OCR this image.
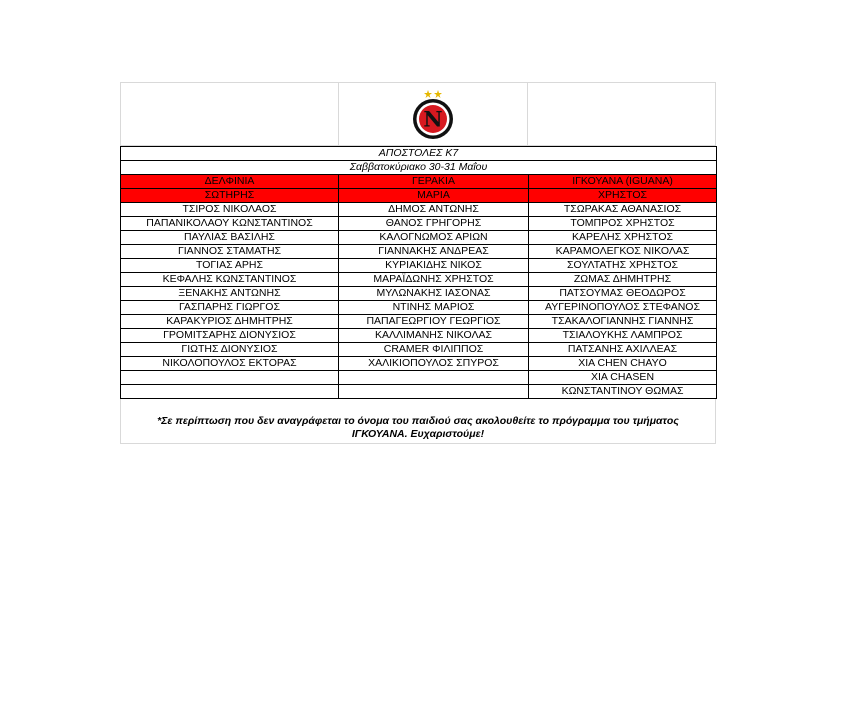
N
ΑΠΟΣΤΟΛΕΣ Κ7		
Σαββατοκύριακο 30-31 Μαΐου		
ΔΕΛΦΙΝΙΑ	ΓΕΡΑΚΙΑ	ΙΓΚΟΥΑΝΑ (IGUANA)
ΣΩΤΗΡΗΣ	ΜΑΡΙΑ	ΧΡΗΣΤΟΣ
ΤΣΙΡΟΣ ΝΙΚΟΛΑΟΣ	ΔΗΜΟΣ ΑΝΤΩΝΗΣ	ΤΣΩΡΑΚΑΣ ΑΘΑΝΑΣΙΟΣ
ΠΑΠΑΝΙΚΟΛΑΟΥ ΚΩΝΣΤΑΝΤΙΝΟΣ	ΘΑΝΟΣ ΓΡΗΓΟΡΗΣ	ΤΟΜΠΡΟΣ ΧΡΗΣΤΟΣ
ΠΑΥΛΙΑΣ ΒΑΣΙΛΗΣ	ΚΑΛΟΓΝΩΜΟΣ ΑΡΙΩΝ	ΚΑΡΕΛΗΣ ΧΡΗΣΤΟΣ
ΓΙΑΝΝΟΣ ΣΤΑΜΑΤΗΣ	ΓΙΑΝΝΑΚΗΣ ΑΝΔΡΕΑΣ	ΚΑΡΑΜΟΛΕΓΚΟΣ ΝΙΚΟΛΑΣ
ΤΟΓΙΑΣ ΑΡΗΣ	ΚΥΡΙΑΚΙΔΗΣ ΝΙΚΟΣ	ΣΟΥΛΤΑΤΗΣ ΧΡΗΣΤΟΣ
ΚΕΦΑΛΗΣ ΚΩΝΣΤΑΝΤΙΝΟΣ	ΜΑΡΑΪΔΩΝΗΣ ΧΡΗΣΤΟΣ	ΖΩΜΑΣ ΔΗΜΗΤΡΗΣ
ΞΕΝΑΚΗΣ ΑΝΤΩΝΗΣ	ΜΥΛΩΝΑΚΗΣ ΙΑΣΟΝΑΣ	ΠΑΤΣΟΥΜΑΣ ΘΕΟΔΩΡΟΣ
ΓΑΣΠΑΡΗΣ ΓΙΩΡΓΟΣ	ΝΤΙΝΗΣ ΜΑΡΙΟΣ	ΑΥΓΕΡΙΝΟΠΟΥΛΟΣ ΣΤΕΦΑΝΟΣ
ΚΑΡΑΚΥΡΙΟΣ ΔΗΜΗΤΡΗΣ	ΠΑΠΑΓΕΩΡΓΙΟΥ ΓΕΩΡΓΙΟΣ	ΤΣΑΚΑΛΟΓΙΑΝΝΗΣ ΓΙΑΝΝΗΣ
ΓΡΟΜΙΤΣΑΡΗΣ ΔΙΟΝΥΣΙΟΣ	ΚΑΛΛΙΜΑΝΗΣ ΝΙΚΟΛΑΣ	ΤΣΙΑΛΟΥΚΗΣ ΛΑΜΠΡΟΣ
ΓΙΩΤΗΣ ΔΙΟΝΥΣΙΟΣ	CRAMER ΦΙΛΙΠΠΟΣ	ΠΑΤΣΑΝΗΣ ΑΧΙΛΛΕΑΣ
ΝΙΚΟΛΟΠΟΥΛΟΣ ΕΚΤΟΡΑΣ	ΧΑΛΙΚΙΟΠΟΥΛΟΣ ΣΠΥΡΟΣ	XIA CHEN CHAYO
		XIA CHASEN
		ΚΩΝΣΤΑΝΤΙΝΟΥ ΘΩΜΑΣ
*Σε περίπτωση που δεν αναγράφεται το όνομα του παιδιού σας ακολουθείτε το πρόγραμμα του τμήματος
ΙΓΚΟΥΑΝΑ. Ευχαριστούμε!
